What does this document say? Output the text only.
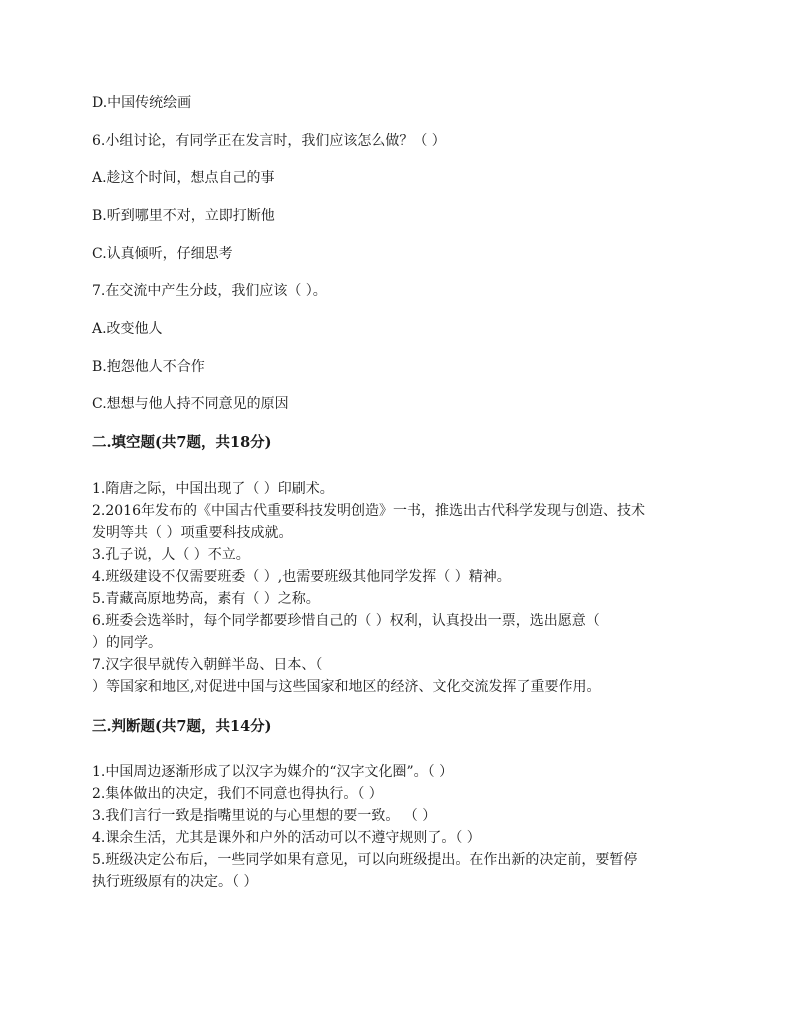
D.中国传统绘画
6.小组讨论，有同学正在发言时，我们应该怎么做？（ ）
A.趁这个时间，想点自己的事
B.听到哪里不对，立即打断他
C.认真倾听，仔细思考
7.在交流中产生分歧，我们应该（ ）。
A.改变他人
B.抱怨他人不合作
C.想想与他人持不同意见的原因
二.填空题(共7题，共18分)
1.隋唐之际，中国出现了（ ）印刷术。
2.2016年发布的《中国古代重要科技发明创造》一书，推选出古代科学发现与创造、技术
发明等共（ ）项重要科技成就。
3.孔子说，人（ ）不立。
4.班级建设不仅需要班委（ ）,也需要班级其他同学发挥（ ）精神。
5.青藏高原地势高，素有（ ）之称。
6.班委会选举时，每个同学都要珍惜自己的（ ）权利，认真投出一票，选出愿意（
）的同学。
7.汉字很早就传入朝鲜半岛、日本、（
）等国家和地区,对促进中国与这些国家和地区的经济、文化交流发挥了重要作用。
三.判断题(共7题，共14分)
1.中国周边逐渐形成了以汉字为媒介的“汉字文化圈”。（ ）
2.集体做出的决定，我们不同意也得执行。（ ）
3.我们言行一致是指嘴里说的与心里想的要一致。 （ ）
4.课余生活，尤其是课外和户外的活动可以不遵守规则了。（ ）
5.班级决定公布后，一些同学如果有意见，可以向班级提出。在作出新的决定前，要暂停
执行班级原有的决定。（ ）
